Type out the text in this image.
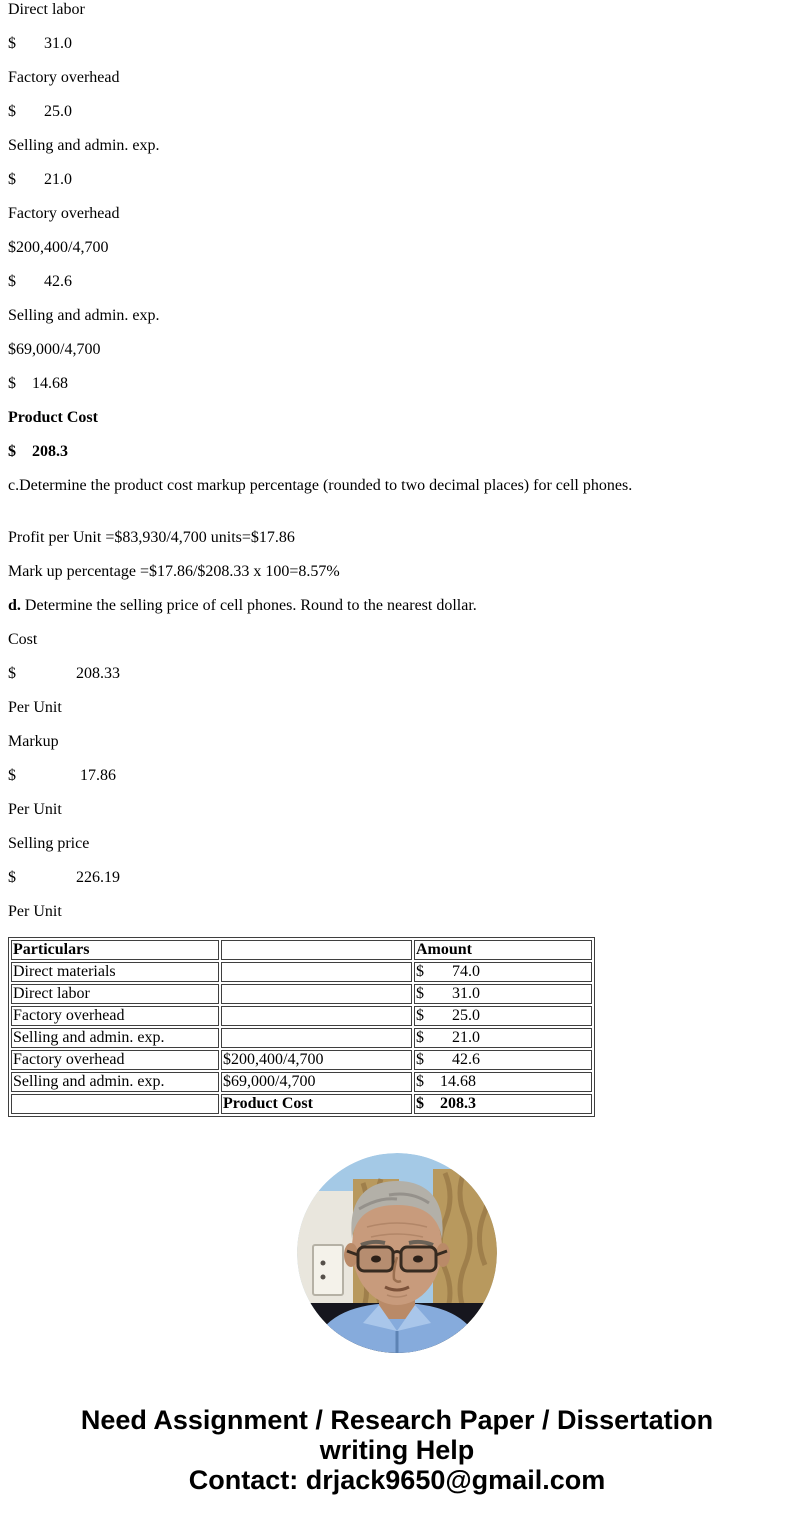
Direct labor

$       31.0

Factory overhead

$       25.0

Selling and admin. exp.

$       21.0

Factory overhead

$200,400/4,700

$       42.6

Selling and admin. exp.

$69,000/4,700

$    14.68

Product Cost

$    208.3

c.Determine the product cost markup percentage (rounded to two decimal places) for cell phones.

Profit per Unit =$83,930/4,700 units=$17.86

Mark up percentage =$17.86/$208.33 x 100=8.57%

d. Determine the selling price of cell phones. Round to the nearest dollar.

Cost

$               208.33

Per Unit

Markup

$                17.86

Per Unit

Selling price

$               226.19

Per Unit

Particulars		Amount
Direct materials		$       74.0
Direct labor		$       31.0
Factory overhead		$       25.0
Selling and admin. exp.		$       21.0
Factory overhead	$200,400/4,700	$       42.6
Selling and admin. exp.	$69,000/4,700	$    14.68
	Product Cost	$    208.3
Need Assignment / Research Paper / Dissertation
writing Help
Contact: drjack9650@gmail.com
